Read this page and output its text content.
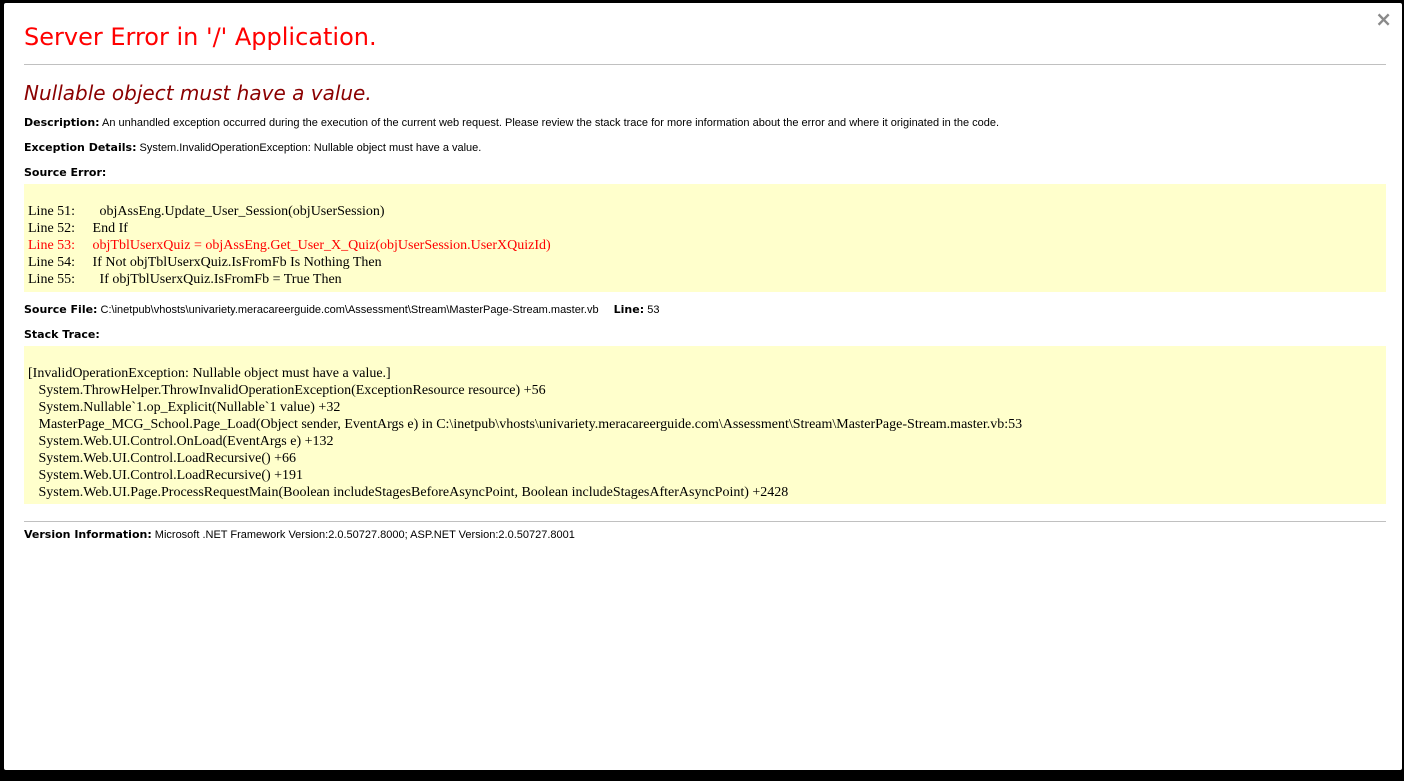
×
Server Error in '/' Application.
Nullable object must have a value.

Description: An unhandled exception occurred during the execution of the current web request. Please review the stack trace for more information about the error and where it originated in the code.

Exception Details: System.InvalidOperationException: Nullable object must have a value.

Source Error:

Line 51:       objAssEng.Update_User_Session(objUserSession)
Line 52:     End If
Line 53:     objTblUserxQuiz = objAssEng.Get_User_X_Quiz(objUserSession.UserXQuizId)
Line 54:     If Not objTblUserxQuiz.IsFromFb Is Nothing Then
Line 55:       If objTblUserxQuiz.IsFromFb = True Then

Source File: C:\inetpub\vhosts\univariety.meracareerguide.com\Assessment\Stream\MasterPage-Stream.master.vb Line: 53

Stack Trace:

[InvalidOperationException: Nullable object must have a value.]
System.ThrowHelper.ThrowInvalidOperationException(ExceptionResource resource) +56
System.Nullable`1.op_Explicit(Nullable`1 value) +32
MasterPage_MCG_School.Page_Load(Object sender, EventArgs e) in C:\inetpub\vhosts\univariety.meracareerguide.com\Assessment\Stream\MasterPage-Stream.master.vb:53
System.Web.UI.Control.OnLoad(EventArgs e) +132
System.Web.UI.Control.LoadRecursive() +66
System.Web.UI.Control.LoadRecursive() +191
System.Web.UI.Page.ProcessRequestMain(Boolean includeStagesBeforeAsyncPoint, Boolean includeStagesAfterAsyncPoint) +2428

Version Information: Microsoft .NET Framework Version:2.0.50727.8000; ASP.NET Version:2.0.50727.8001
